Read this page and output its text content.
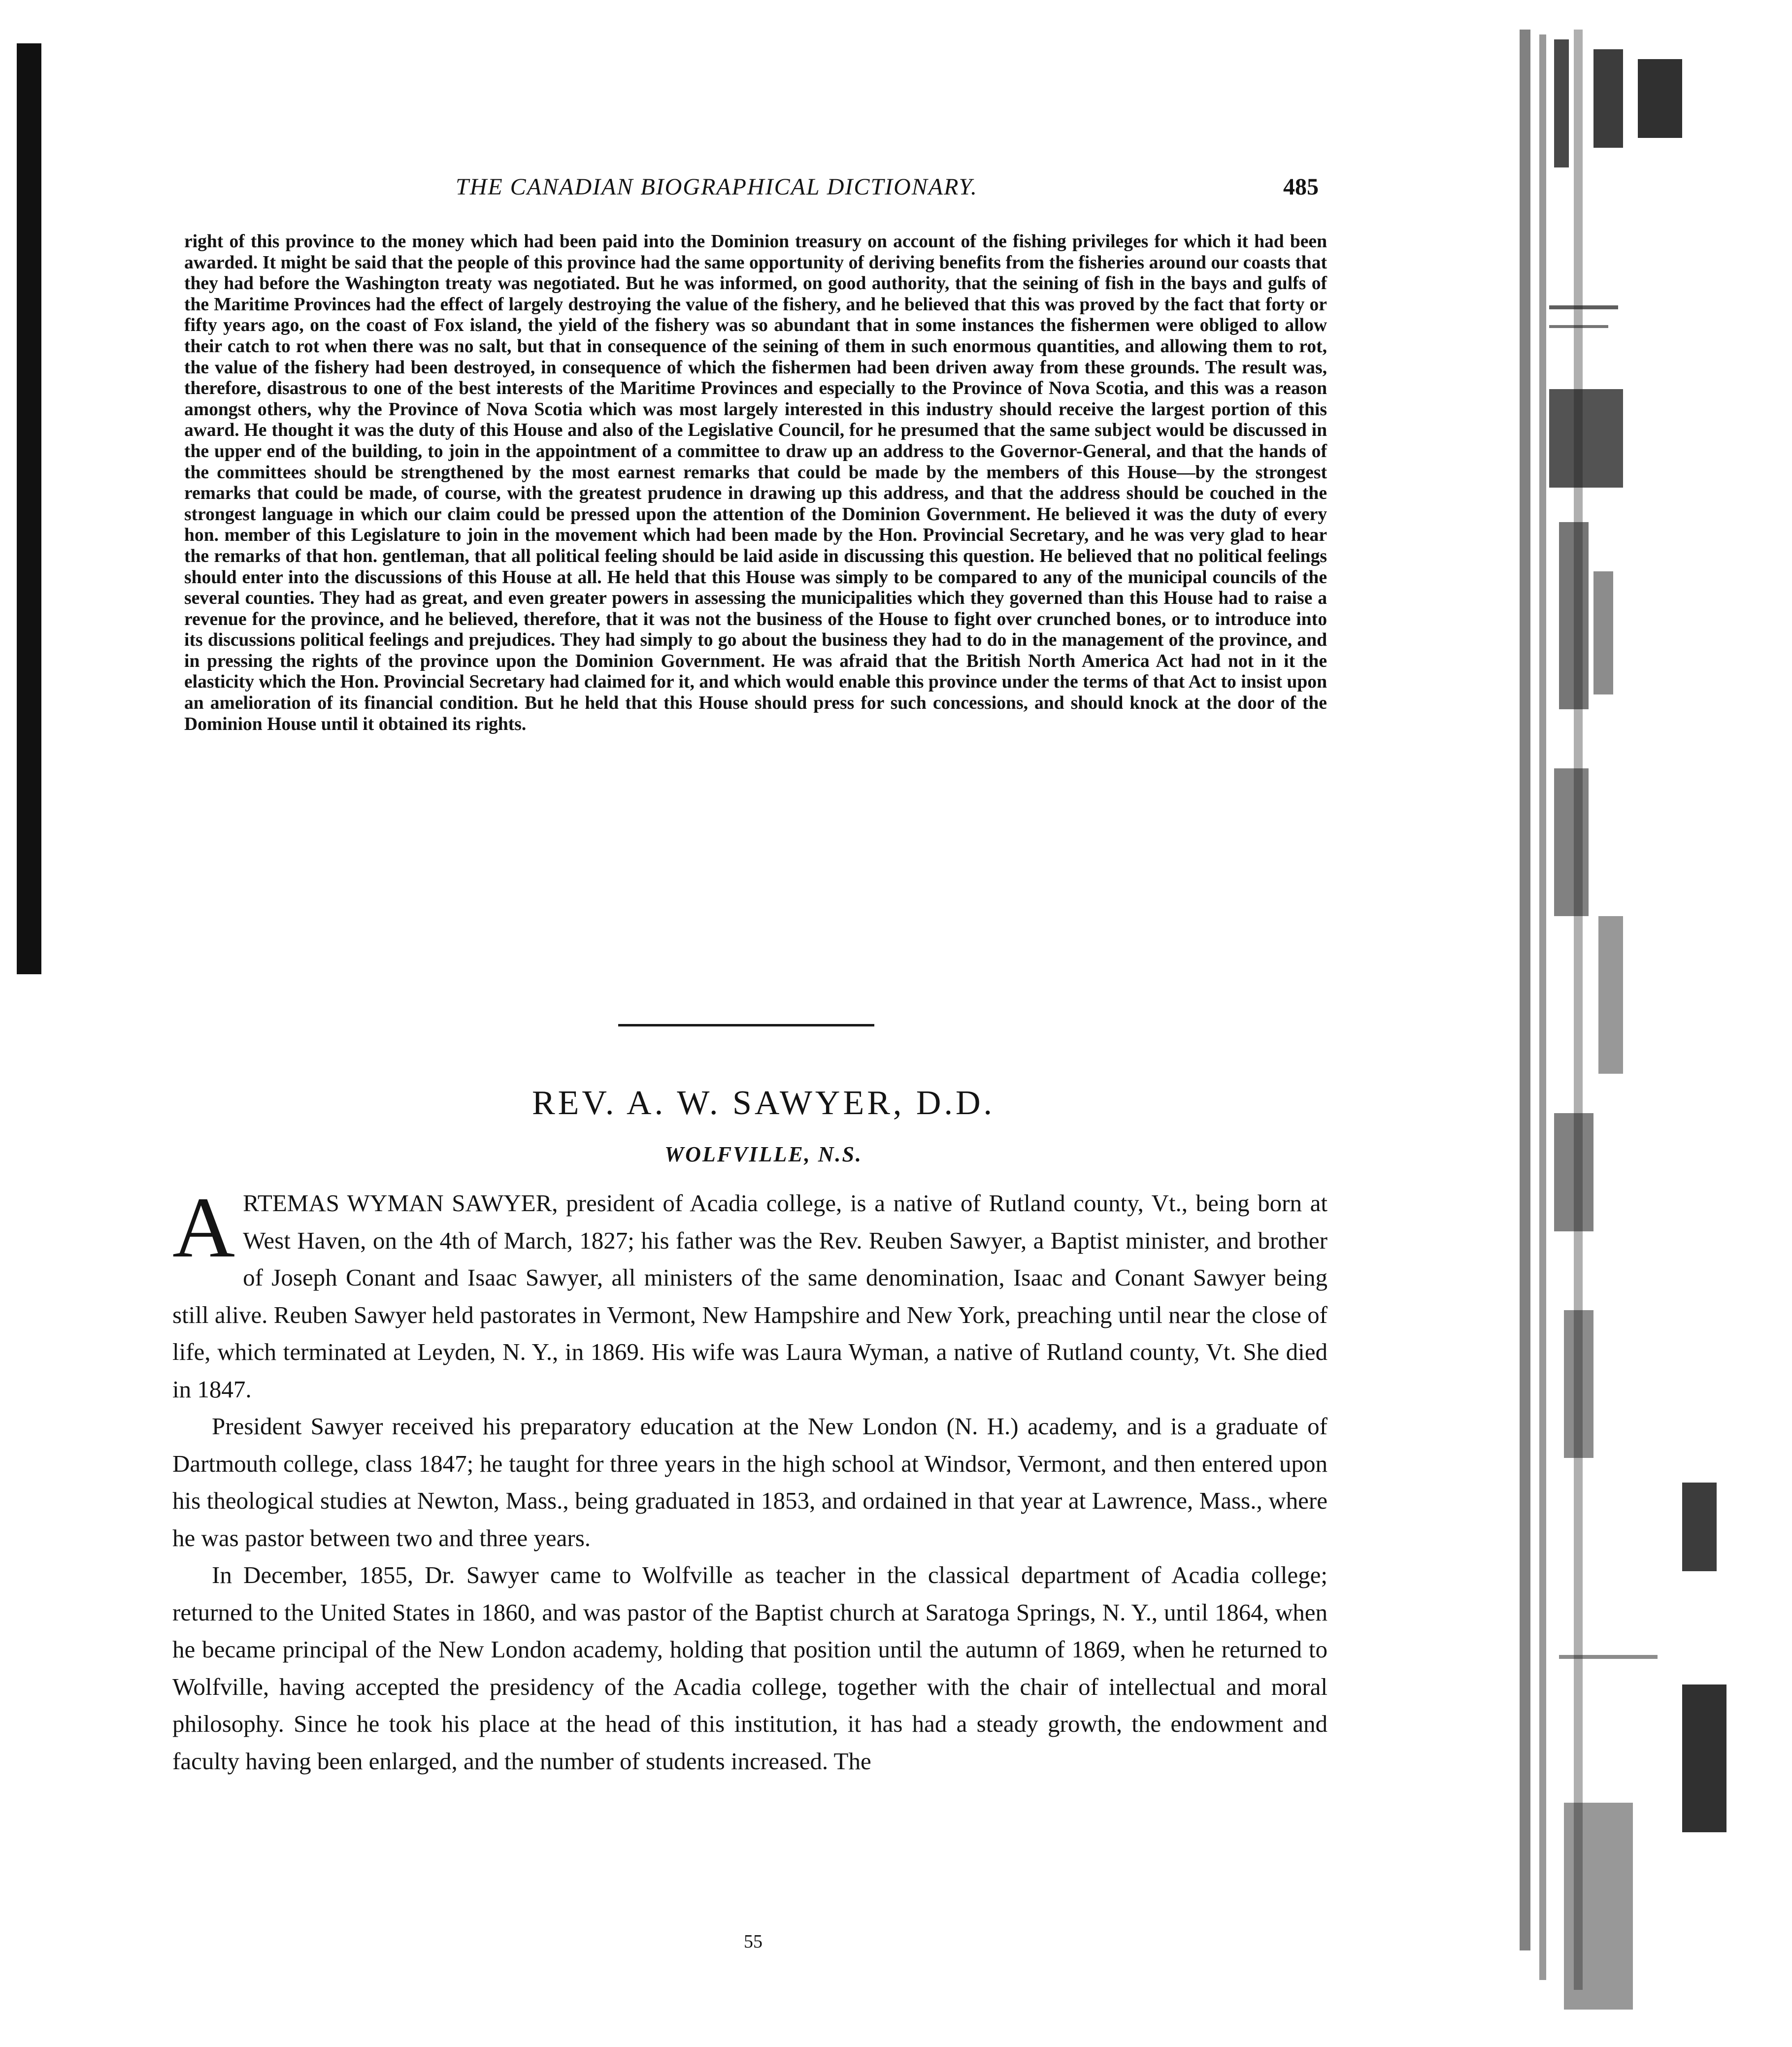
THE CANADIAN BIOGRAPHICAL DICTIONARY.	485
right of this province to the money which had been paid into the Dominion treasury on account of the fishing privileges for which it had been awarded. It might be said that the people of this province had the same opportunity of deriving benefits from the fisheries around our coasts that they had before the Washington treaty was negotiated. But he was informed, on good authority, that the seining of fish in the bays and gulfs of the Maritime Provinces had the effect of largely destroying the value of the fishery, and he believed that this was proved by the fact that forty or fifty years ago, on the coast of Fox island, the yield of the fishery was so abundant that in some instances the fishermen were obliged to allow their catch to rot when there was no salt, but that in consequence of the seining of them in such enormous quantities, and allowing them to rot, the value of the fishery had been destroyed, in consequence of which the fishermen had been driven away from these grounds. The result was, therefore, disastrous to one of the best interests of the Maritime Provinces and especially to the Province of Nova Scotia, and this was a reason amongst others, why the Province of Nova Scotia which was most largely interested in this industry should receive the largest portion of this award. He thought it was the duty of this House and also of the Legislative Council, for he presumed that the same subject would be discussed in the upper end of the building, to join in the appointment of a committee to draw up an address to the Governor-General, and that the hands of the committees should be strengthened by the most earnest remarks that could be made by the members of this House—by the strongest remarks that could be made, of course, with the greatest prudence in drawing up this address, and that the address should be couched in the strongest language in which our claim could be pressed upon the attention of the Dominion Government. He believed it was the duty of every hon. member of this Legislature to join in the movement which had been made by the Hon. Provincial Secretary, and he was very glad to hear the remarks of that hon. gentleman, that all political feeling should be laid aside in discussing this question. He believed that no political feelings should enter into the discussions of this House at all. He held that this House was simply to be compared to any of the municipal councils of the several counties. They had as great, and even greater powers in assessing the municipalities which they governed than this House had to raise a revenue for the province, and he believed, therefore, that it was not the business of the House to fight over crunched bones, or to introduce into its discussions political feelings and prejudices. They had simply to go about the business they had to do in the management of the province, and in pressing the rights of the province upon the Dominion Government. He was afraid that the British North America Act had not in it the elasticity which the Hon. Provincial Secretary had claimed for it, and which would enable this province under the terms of that Act to insist upon an amelioration of its financial condition. But he held that this House should press for such concessions, and should knock at the door of the Dominion House until it obtained its rights.
REV. A. W. SAWYER, D.D.
WOLFVILLE, N.S.

ARTEMAS WYMAN SAWYER, president of Acadia college, is a native of Rutland county, Vt., being born at West Haven, on the 4th of March, 1827; his father was the Rev. Reuben Sawyer, a Baptist minister, and brother of Joseph Conant and Isaac Sawyer, all ministers of the same denomination, Isaac and Conant Sawyer being still alive. Reuben Sawyer held pastorates in Vermont, New Hampshire and New York, preaching until near the close of life, which terminated at Leyden, N. Y., in 1869. His wife was Laura Wyman, a native of Rutland county, Vt. She died in 1847.

President Sawyer received his preparatory education at the New London (N. H.) academy, and is a graduate of Dartmouth college, class 1847; he taught for three years in the high school at Windsor, Vermont, and then entered upon his theological studies at Newton, Mass., being graduated in 1853, and ordained in that year at Lawrence, Mass., where he was pastor between two and three years.

In December, 1855, Dr. Sawyer came to Wolfville as teacher in the classical department of Acadia college; returned to the United States in 1860, and was pastor of the Baptist church at Saratoga Springs, N. Y., until 1864, when he became principal of the New London academy, holding that position until the autumn of 1869, when he returned to Wolfville, having accepted the presidency of the Acadia college, together with the chair of intellectual and moral philosophy. Since he took his place at the head of this institution, it has had a steady growth, the endowment and faculty having been enlarged, and the number of students increased. The

55
